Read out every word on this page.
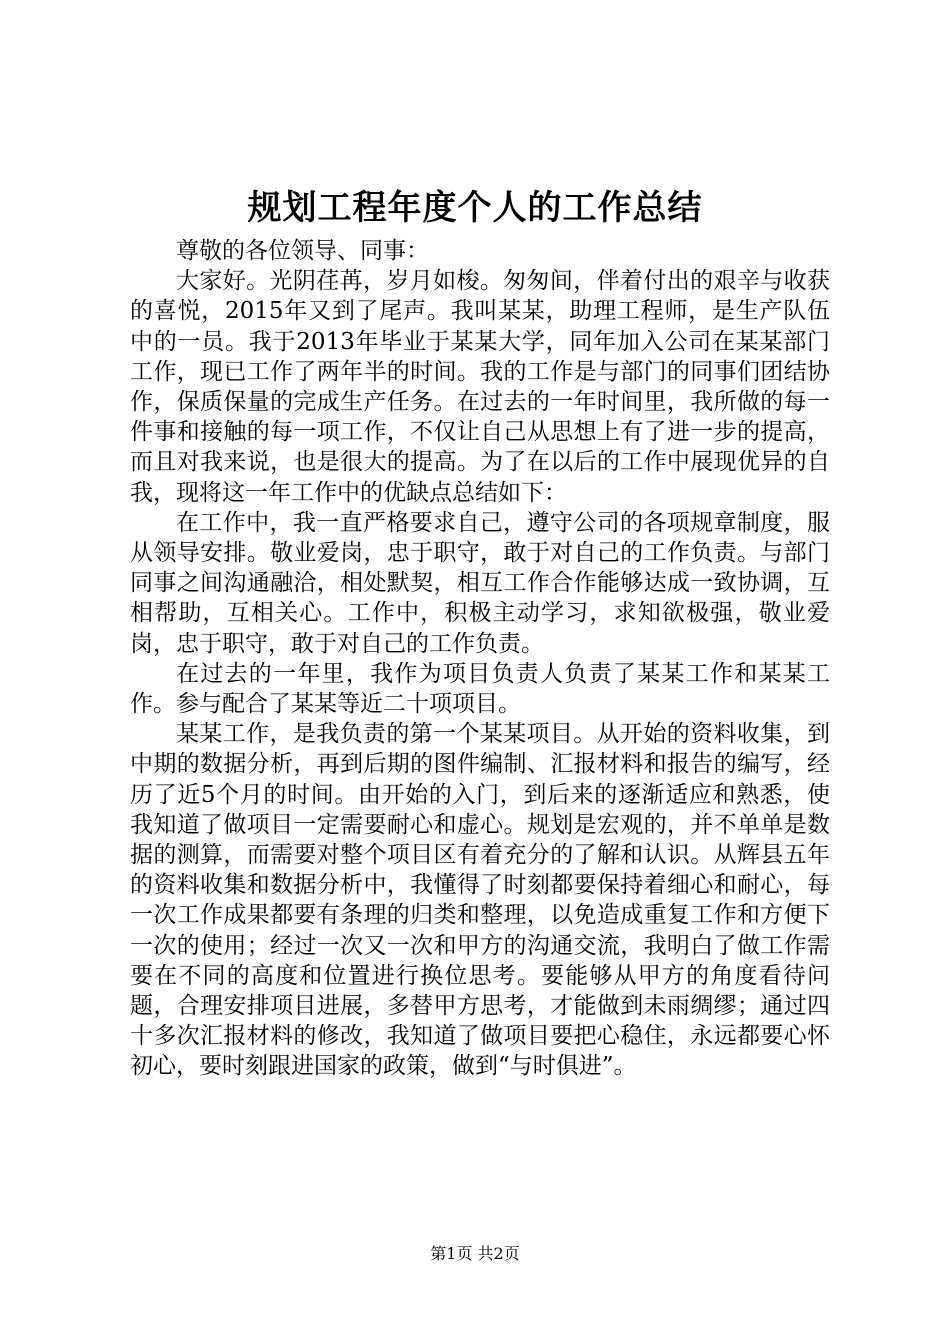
规划工程年度个人的工作总结

尊敬的各位领导、同事：

大家好。光阴荏苒，岁月如梭。匆匆间，伴着付出的艰辛与收获的喜悦，2015年又到了尾声。我叫某某，助理工程师，是生产队伍中的一员。我于2013年毕业于某某大学，同年加入公司在某某部门工作，现已工作了两年半的时间。我的工作是与部门的同事们团结协作，保质保量的完成生产任务。在过去的一年时间里，我所做的每一件事和接触的每一项工作，不仅让自己从思想上有了进一步的提高，而且对我来说，也是很大的提高。为了在以后的工作中展现优异的自我，现将这一年工作中的优缺点总结如下：

在工作中，我一直严格要求自己，遵守公司的各项规章制度，服从领导安排。敬业爱岗，忠于职守，敢于对自己的工作负责。与部门同事之间沟通融洽，相处默契，相互工作合作能够达成一致协调，互相帮助，互相关心。工作中，积极主动学习，求知欲极强，敬业爱岗，忠于职守，敢于对自己的工作负责。

在过去的一年里，我作为项目负责人负责了某某工作和某某工作。参与配合了某某等近二十项项目。

某某工作，是我负责的第一个某某项目。从开始的资料收集，到中期的数据分析，再到后期的图件编制、汇报材料和报告的编写，经历了近5个月的时间。由开始的入门，到后来的逐渐适应和熟悉，使我知道了做项目一定需要耐心和虚心。规划是宏观的，并不单单是数据的测算，而需要对整个项目区有着充分的了解和认识。从辉县五年的资料收集和数据分析中，我懂得了时刻都要保持着细心和耐心，每一次工作成果都要有条理的归类和整理，以免造成重复工作和方便下一次的使用；经过一次又一次和甲方的沟通交流，我明白了做工作需要在不同的高度和位置进行换位思考。要能够从甲方的角度看待问题，合理安排项目进展，多替甲方思考，才能做到未雨绸缪；通过四十多次汇报材料的修改，我知道了做项目要把心稳住，永远都要心怀初心，要时刻跟进国家的政策，做到“与时俱进”。

第1页 共2页
